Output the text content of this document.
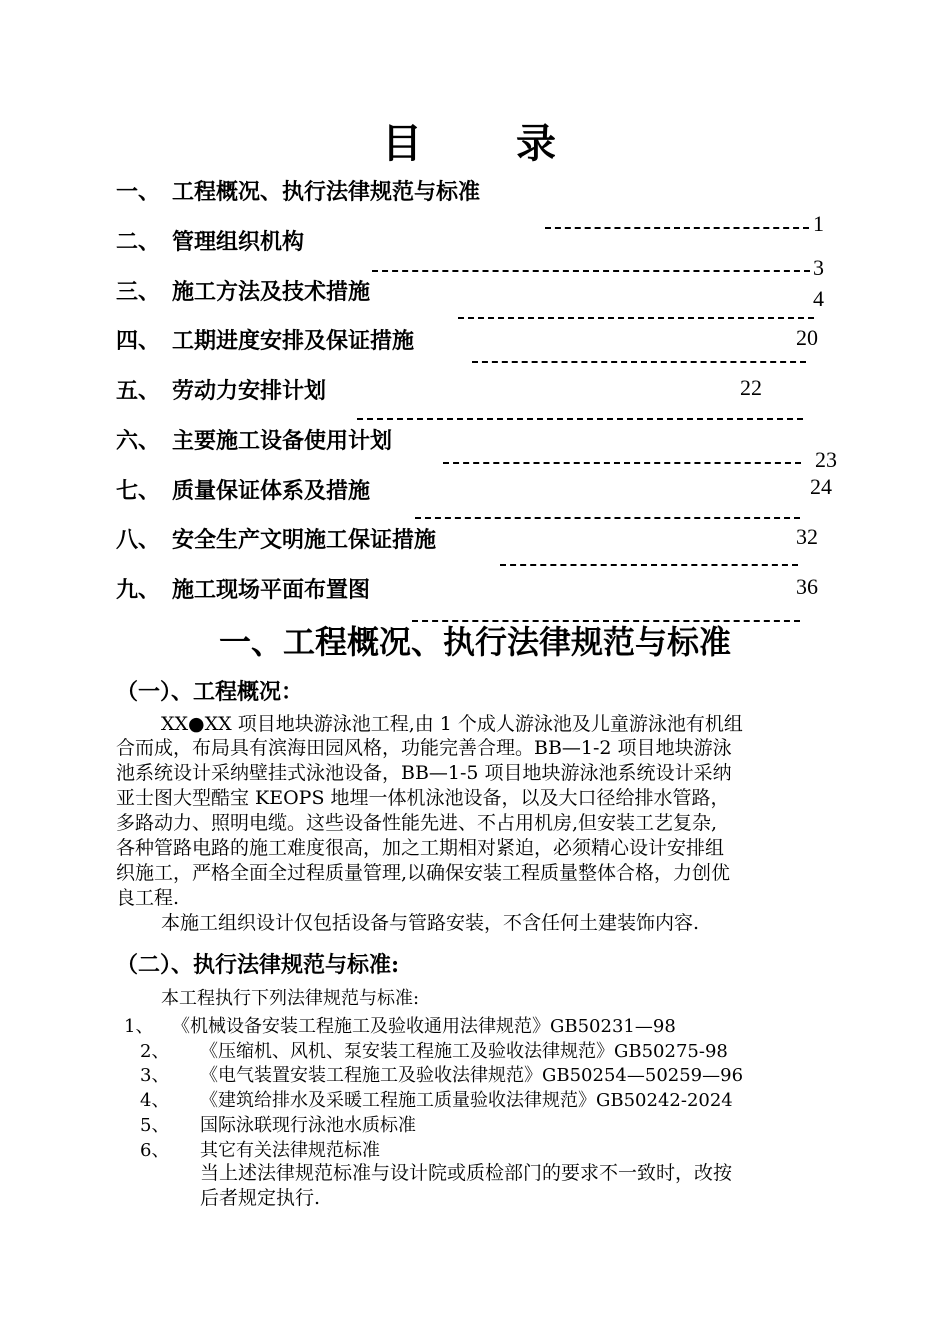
目 录
一、 工程概况、执行法律规范与标准
二、 管理组织机构
三、 施工方法及技术措施
四、 工期进度安排及保证措施
五、 劳动力安排计划
六、 主要施工设备使用计划
七、 质量保证体系及措施
八、 安全生产文明施工保证措施
九、 施工现场平面布置图
1
3
4
20
22
23
24
32
36
一、工程概况、执行法律规范与标准
（一）、工程概况：
XX●XX 项目地块游泳池工程,由 1 个成人游泳池及儿童游泳池有机组
合而成，布局具有滨海田园风格，功能完善合理。BB—1-2 项目地块游泳
池系统设计采纳壁挂式泳池设备，BB—1-5 项目地块游泳池系统设计采纳
亚士图大型酷宝 KEOPS 地埋一体机泳池设备，以及大口径给排水管路，
多路动力、照明电缆。这些设备性能先进、不占用机房,但安装工艺复杂,
各种管路电路的施工难度很高，加之工期相对紧迫，必须精心设计安排组
织施工，严格全面全过程质量管理,以确保安装工程质量整体合格，力创优
良工程.
本施工组织设计仅包括设备与管路安装，不含任何土建装饰内容.
（二）、执行法律规范与标准:
本工程执行下列法律规范与标准:
1、 《机械设备安装工程施工及验收通用法律规范》GB50231—98
2、 《压缩机、风机、泵安装工程施工及验收法律规范》GB50275-98
3、 《电气装置安装工程施工及验收法律规范》GB50254—50259—96
4、 《建筑给排水及采暖工程施工质量验收法律规范》GB50242-2024
5、 国际泳联现行泳池水质标准
6、 其它有关法律规范标准
当上述法律规范标准与设计院或质检部门的要求不一致时，改按
后者规定执行.
